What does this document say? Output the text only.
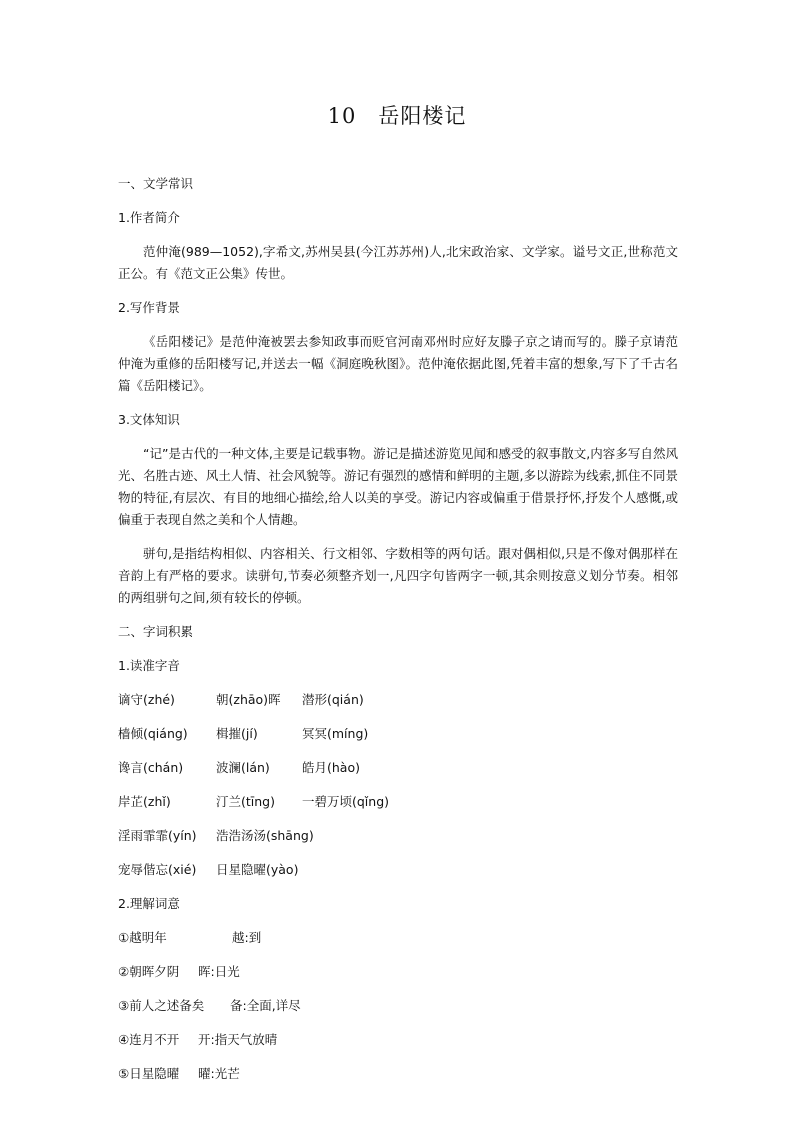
10 岳阳楼记
一、文学常识
1.作者简介
范仲淹(989—1052),字希文,苏州吴县(今江苏苏州)人,北宋政治家、文学家。谥号文正,世称范文正公。有《范文正公集》传世。
2.写作背景
《岳阳楼记》是范仲淹被罢去参知政事而贬官河南邓州时应好友滕子京之请而写的。滕子京请范仲淹为重修的岳阳楼写记,并送去一幅《洞庭晚秋图》。范仲淹依据此图,凭着丰富的想象,写下了千古名篇《岳阳楼记》。
3.文体知识
“记”是古代的一种文体,主要是记载事物。游记是描述游览见闻和感受的叙事散文,内容多写自然风光、名胜古迹、风土人情、社会风貌等。游记有强烈的感情和鲜明的主题,多以游踪为线索,抓住不同景物的特征,有层次、有目的地细心描绘,给人以美的享受。游记内容或偏重于借景抒怀,抒发个人感慨,或偏重于表现自然之美和个人情趣。
骈句,是指结构相似、内容相关、行文相邻、字数相等的两句话。跟对偶相似,只是不像对偶那样在音韵上有严格的要求。读骈句,节奏必须整齐划一,凡四字句皆两字一顿,其余则按意义划分节奏。相邻的两组骈句之间,须有较长的停顿。
二、字词积累
1.读准字音
谪守(zhé)	朝(zhāo)晖 潜形(qián)
樯倾(qiáng) 楫摧(jí)	冥冥(míng)
谗言(chán)	波澜(lán)	皓月(hào)
岸芷(zhǐ)	汀兰(tīng) 一碧万顷(qǐng)
淫雨霏霏(yín) 浩浩汤汤(shāng)
宠辱偕忘(xié) 日星隐曜(yào)
2.理解词意
①越明年	越:到
②朝晖夕阴 晖:日光
③前人之述备矣 备:全面,详尽
④连月不开 开:指天气放晴
⑤日星隐曜 曜:光芒
